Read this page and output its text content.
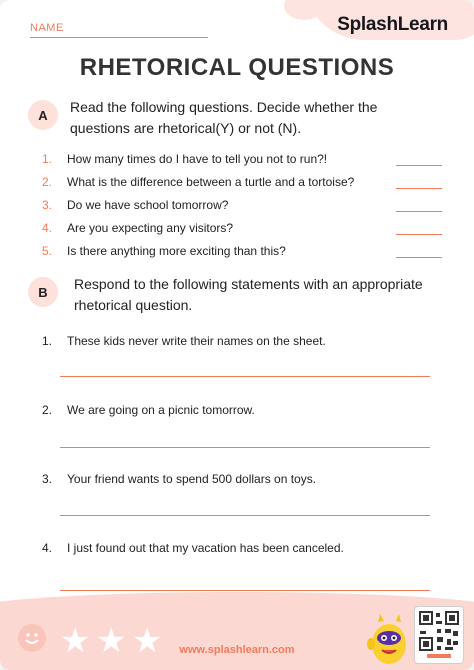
NAME	SplashLearn
RHETORICAL QUESTIONS
A	Read the following questions. Decide whether the
questions are rhetorical(Y) or not (N).
1. How many times do I have to tell you not to run?!
2. What is the difference between a turtle and a tortoise?
3. Do we have school tomorrow?
4. Are you expecting any visitors?
5. Is there anything more exciting than this?
B	Respond to the following statements with an appropriate
rhetorical question.
1. These kids never write their names on the sheet.
2. We are going on a picnic tomorrow.
3. Your friend wants to spend 500 dollars on toys.
4. I just found out that my vacation has been canceled.
★ ★ ★	www.splashlearn.com
